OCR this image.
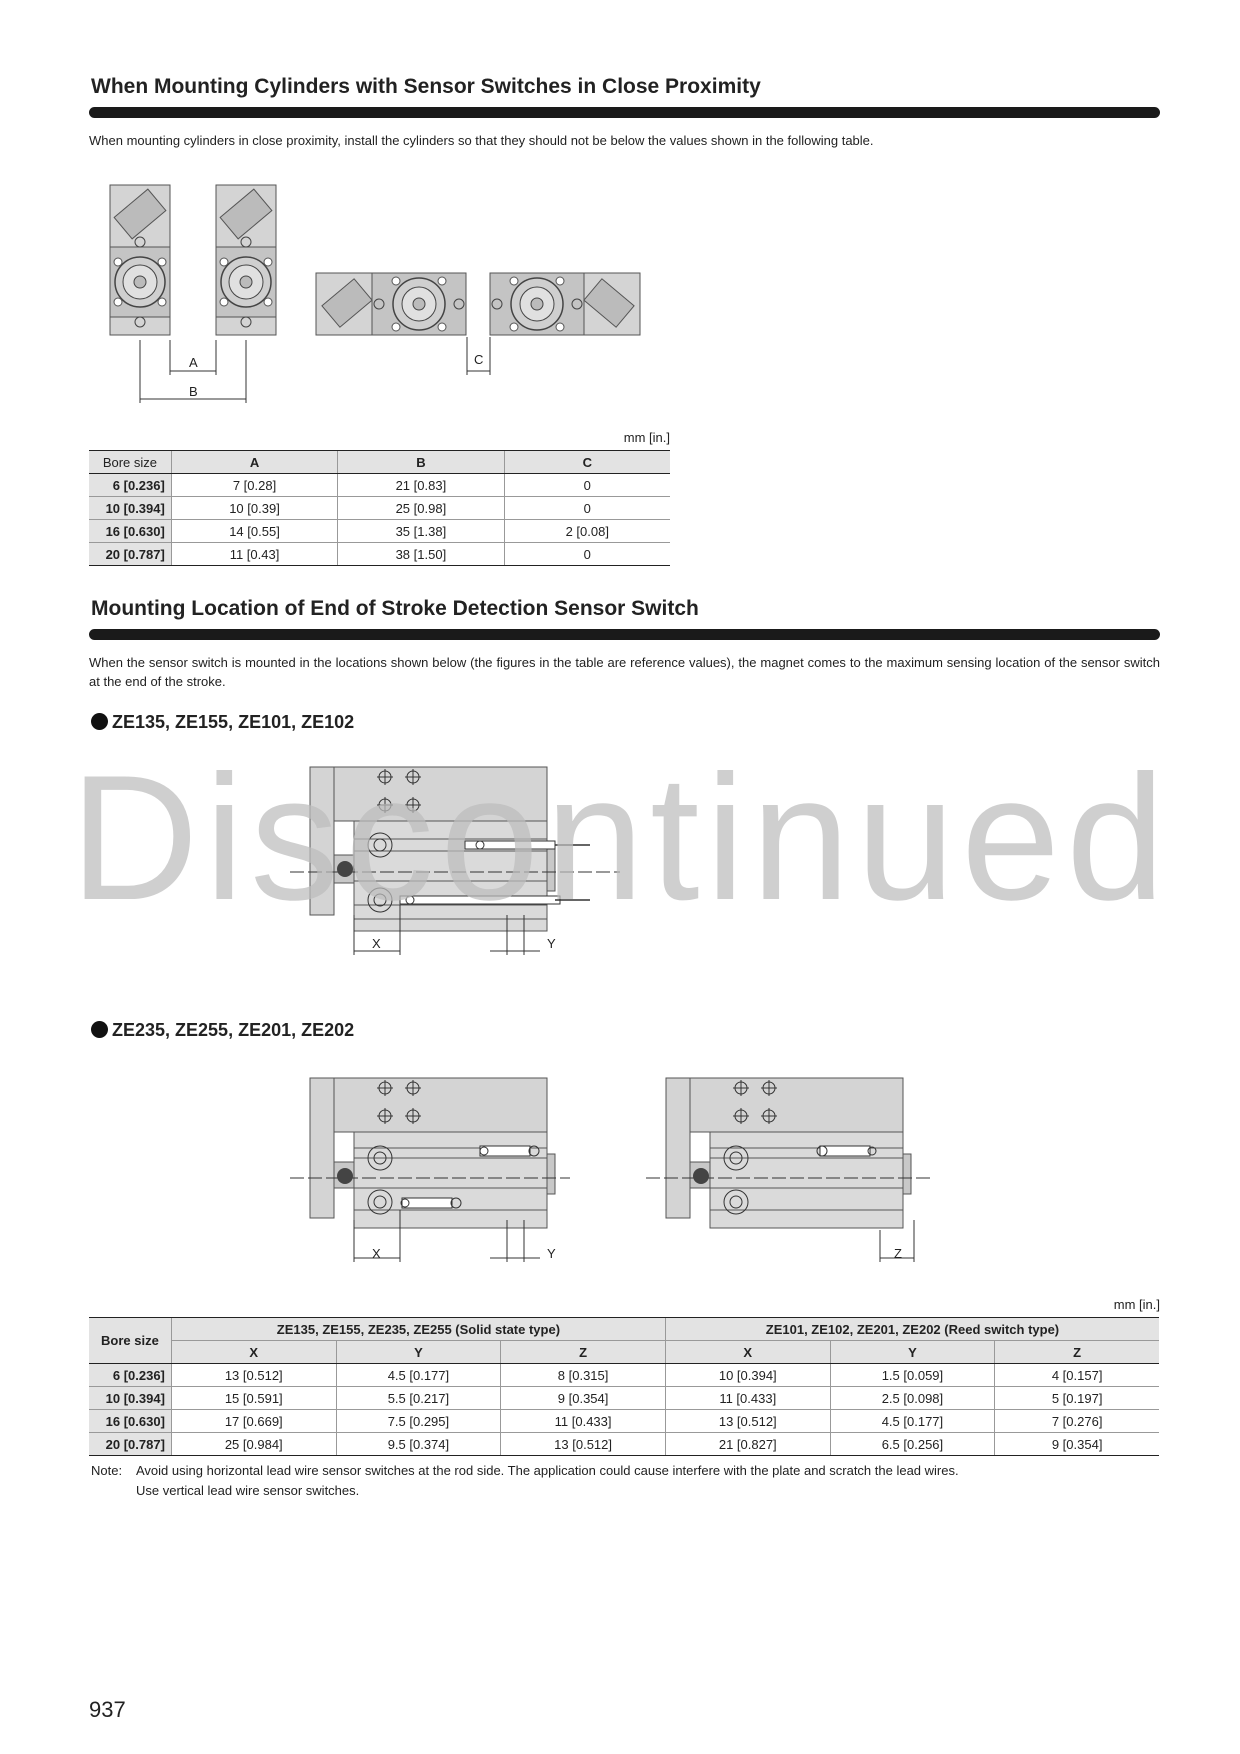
When Mounting Cylinders with Sensor Switches in Close Proximity
When mounting cylinders in close proximity, install the cylinders so that they should not be below the values shown in the following table.
A
B
C
mm [in.]
Bore size	A	B	C
6 [0.236]	7 [0.28]	21 [0.83]	0
10 [0.394]	10 [0.39]	25 [0.98]	0
16 [0.630]	14 [0.55]	35 [1.38]	2 [0.08]
20 [0.787]	11 [0.43]	38 [1.50]	0
Mounting Location of End of Stroke Detection Sensor Switch
When the sensor switch is mounted in the locations shown below (the figures in the table are reference values), the magnet comes to the maximum sensing location of the sensor switch at the end of the stroke.
ZE135, ZE155, ZE101, ZE102
X	Y
Discontinued
ZE235, ZE255, ZE201, ZE202
X	Y	Z
mm [in.]
Bore size	ZE135, ZE155, ZE235, ZE255 (Solid state type)			ZE101, ZE102, ZE201, ZE202 (Reed switch type)		
	X	Y	Z	X	Y	Z
6 [0.236]	13 [0.512]	4.5 [0.177]	8 [0.315]	10 [0.394]	1.5 [0.059]	4 [0.157]
10 [0.394]	15 [0.591]	5.5 [0.217]	9 [0.354]	11 [0.433]	2.5 [0.098]	5 [0.197]
16 [0.630]	17 [0.669]	7.5 [0.295]	11 [0.433]	13 [0.512]	4.5 [0.177]	7 [0.276]
20 [0.787]	25 [0.984]	9.5 [0.374]	13 [0.512]	21 [0.827]	6.5 [0.256]	9 [0.354]
Note: Avoid using horizontal lead wire sensor switches at the rod side. The application could cause interfere with the plate and scratch the lead wires.
Use vertical lead wire sensor switches.
937
